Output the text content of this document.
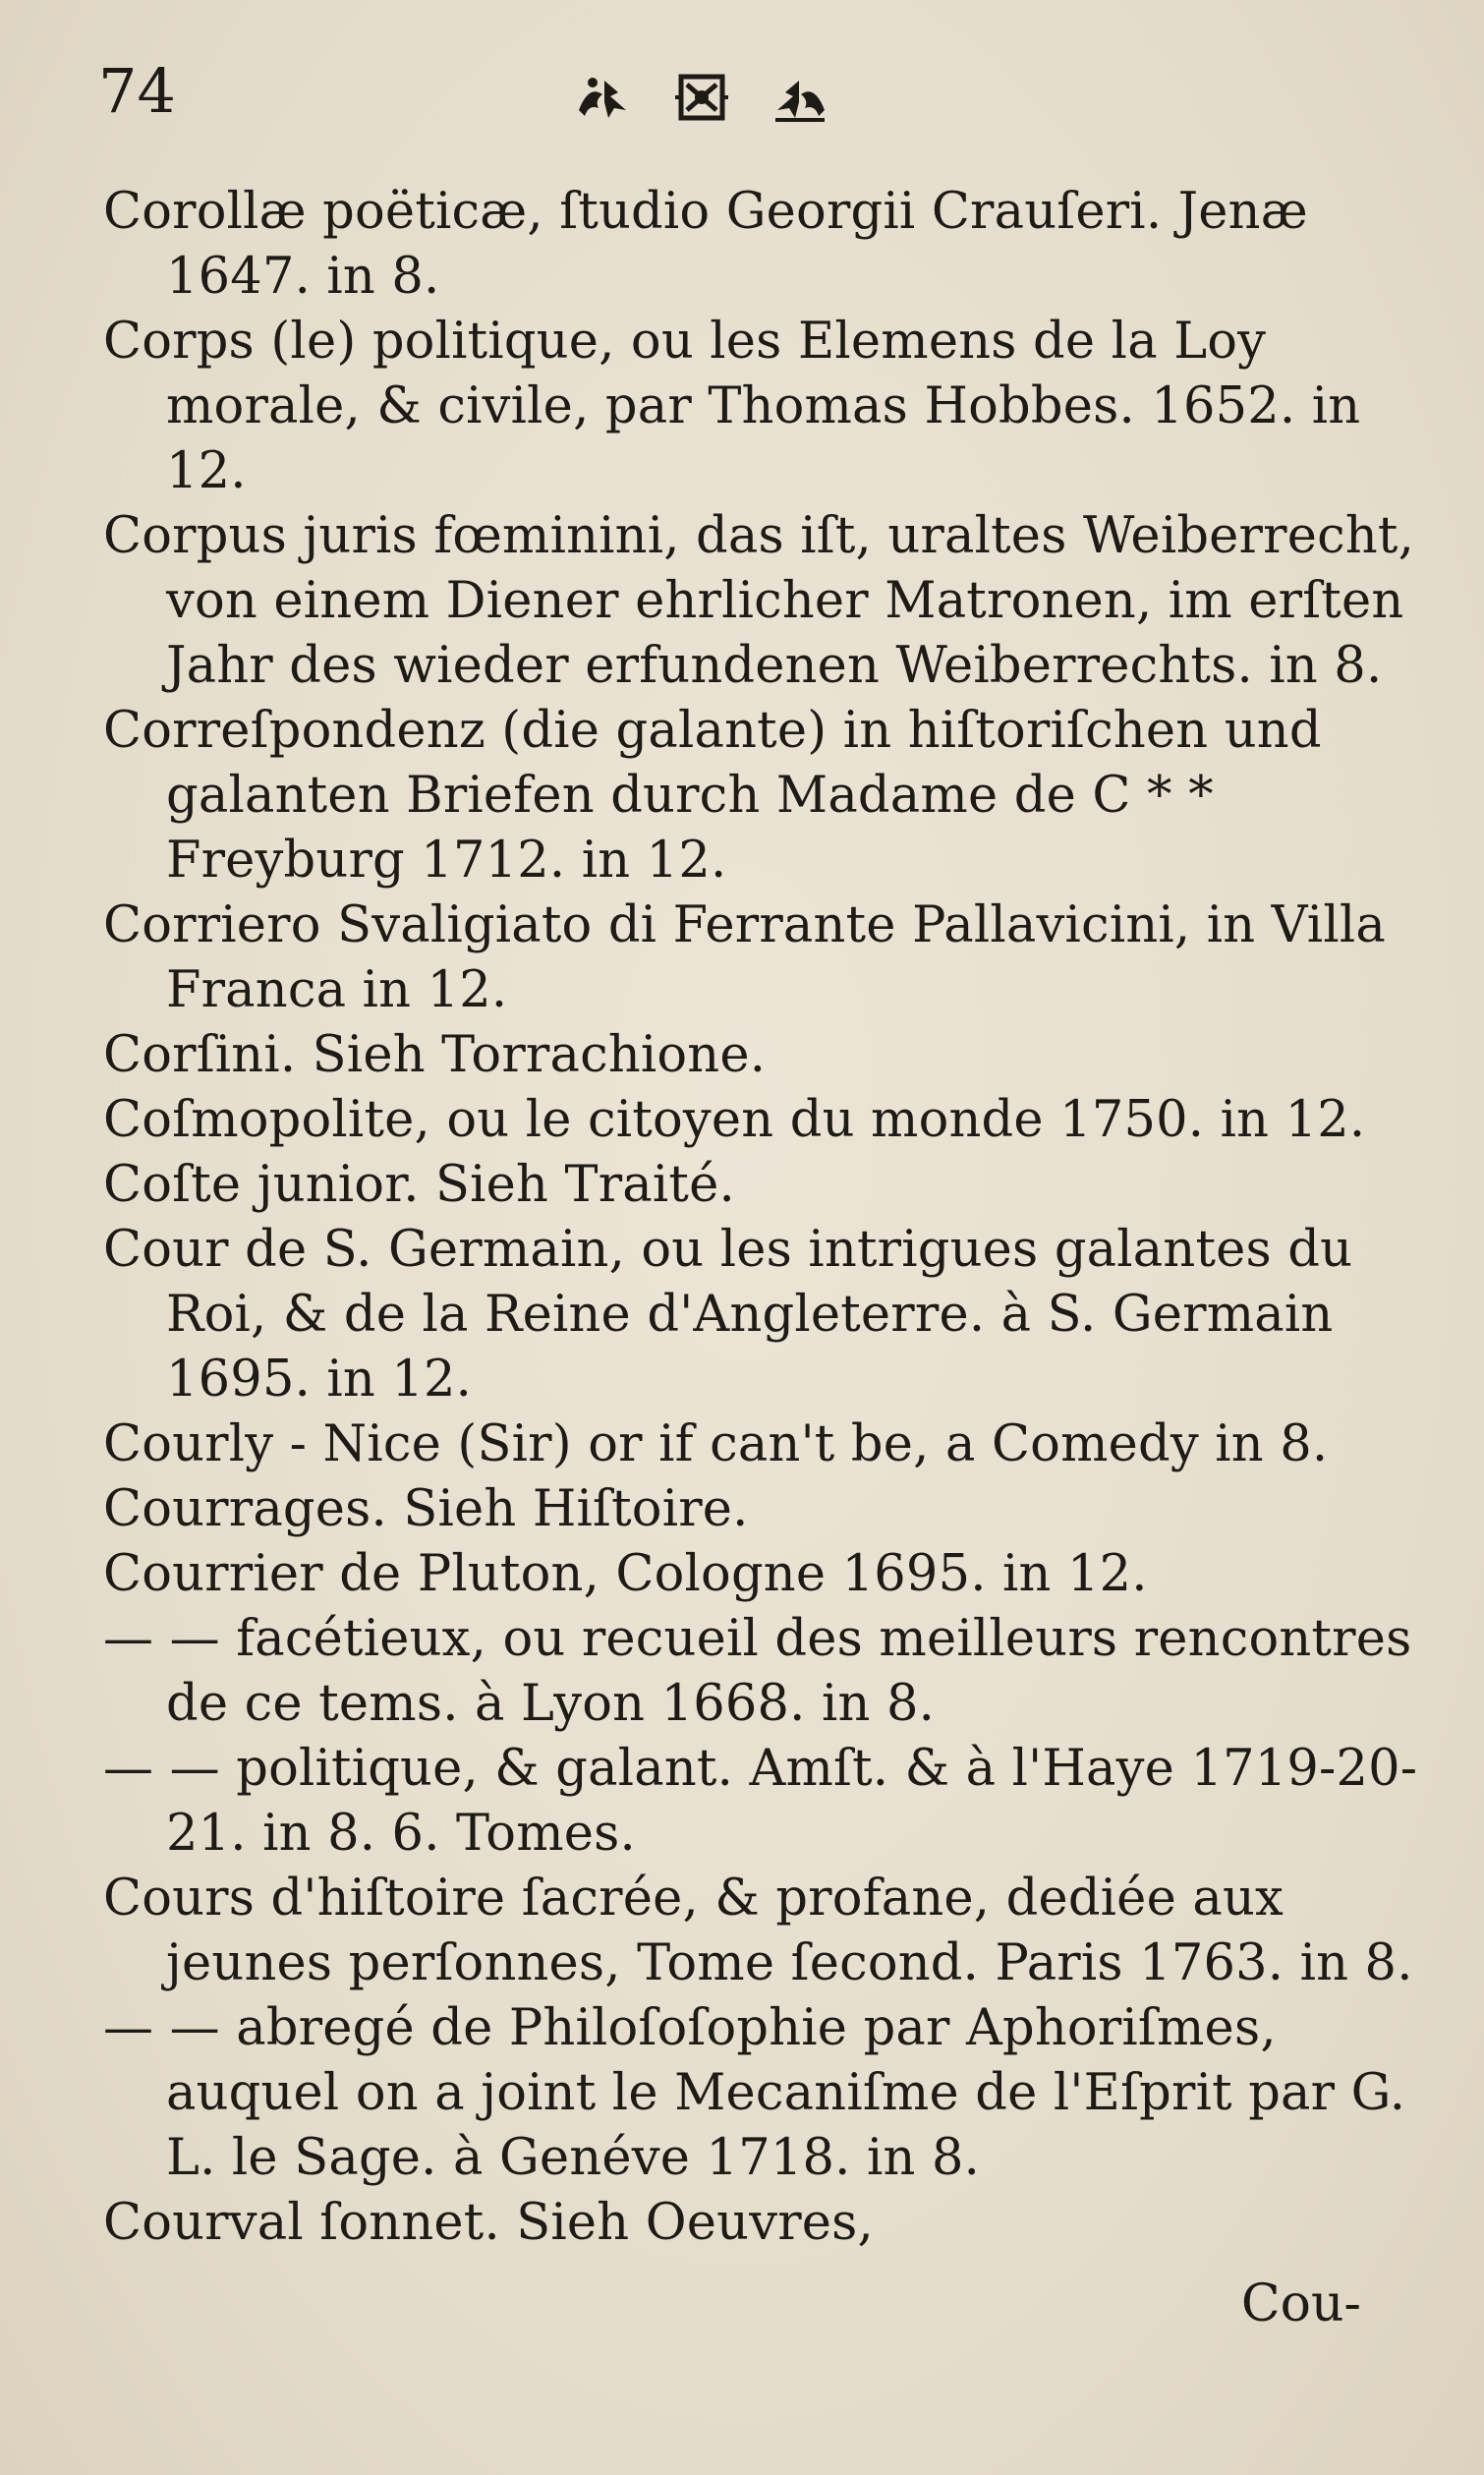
74
Corollæ poëticæ, ſtudio Georgii Crauſeri. Jenæ 1647. in 8.
Corps (le) politique, ou les Elemens de la Loy morale, & civile, par Thomas Hobbes. 1652. in 12.
Corpus juris fœminini, das iſt, uraltes Weiberrecht, von einem Diener ehrlicher Matronen, im erſten Jahr des wieder erfundenen Weiberrechts. in 8.
Correſpondenz (die galante) in hiſtoriſchen und galanten Briefen durch Madame de C * * Freyburg 1712. in 12.
Corriero Svaligiato di Ferrante Pallavicini, in Villa Franca in 12.
Corſini. Sieh Torrachione.
Coſmopolite, ou le citoyen du monde 1750. in 12.
Coſte junior. Sieh Traité.
Cour de S. Germain, ou les intrigues galantes du Roi, & de la Reine d'Angleterre. à S. Germain 1695. in 12.
Courly - Nice (Sir) or if can't be, a Comedy in 8.
Courrages. Sieh Hiſtoire.
Courrier de Pluton, Cologne 1695. in 12.
— — facétieux, ou recueil des meilleurs rencontres de ce tems. à Lyon 1668. in 8.
— — politique, & galant. Amſt. & à l'Haye 1719-20-21. in 8. 6. Tomes.
Cours d'hiſtoire ſacrée, & profane, dediée aux jeunes perſonnes, Tome ſecond. Paris 1763. in 8.
— — abregé de Philoſoſophie par Aphoriſmes, auquel on a joint le Mecaniſme de l'Eſprit par G. L. le Sage. à Genéve 1718. in 8.
Courval ſonnet. Sieh Oeuvres,
Cou-
